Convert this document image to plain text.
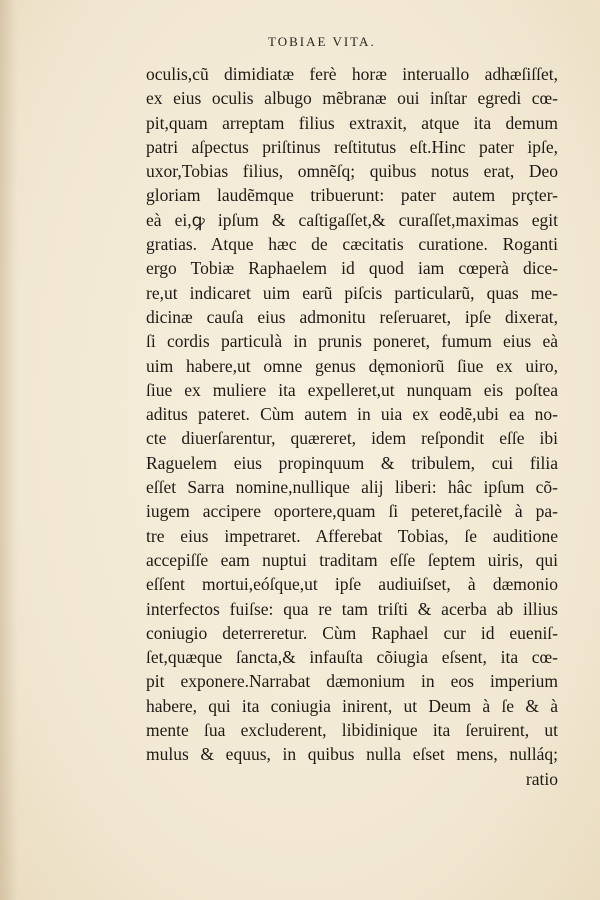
TOBIAE VITA.
oculis,cũ dimidiatæ ferè horæ interuallo adhæſiſſet,
ex eius oculis albugo mẽbranæ oui inſtar egredi cœ-
pit,quam arreptam filius extraxit, atque ita demum
patri aſpectus priſtinus reſtitutus eſt.Hinc pater ipſe,
uxor,Tobias filius, omnẽſq; quibus notus erat, Deo
gloriam laudẽmque tribuerunt: pater autem prçter-
eà ei,ꝙ ipſum & caſtigaſſet,& curaſſet,maximas egit
gratias. Atque hæc de cæcitatis curatione. Roganti
ergo Tobiæ Raphaelem id quod iam cœperà dice-
re,ut indicaret uim earũ piſcis particularũ, quas me-
dicinæ cauſa eius admonitu reſeruaret, ipſe dixerat,
ſi cordis particulà in prunis poneret, fumum eius eà
uim habere,ut omne genus dęmoniorũ ſiue ex uiro,
ſiue ex muliere ita expelleret,ut nunquam eis poſtea
aditus pateret. Cùm autem in uia ex eodẽ,ubi ea no-
cte diuerſarentur, quæreret, idem reſpondit eſſe ibi
Raguelem eius propinquum & tribulem, cui filia
eſſet Sarra nomine,nullique alij liberi: hâc ipſum cõ-
iugem accipere oportere,quam ſi peteret,facilè à pa-
tre eius impetraret. Afferebat Tobias, ſe auditione
accepiſſe eam nuptui traditam eſſe ſeptem uiris, qui
eſſent mortui,eóſque,ut ipſe audiuiſset, à dæmonio
interfectos fuiſse: qua re tam triſti & acerba ab illius
coniugio deterreretur. Cùm Raphael cur id eueniſ-
ſet,quæque ſancta,& infauſta cõiugia eſsent, ita cœ-
pit exponere.Narrabat dæmonium in eos imperium
habere, qui ita coniugia inirent, ut Deum à ſe & à
mente ſua excluderent, libidinique ita ſeruirent, ut
mulus & equus, in quibus nulla eſset mens, nulláq;
ratio
